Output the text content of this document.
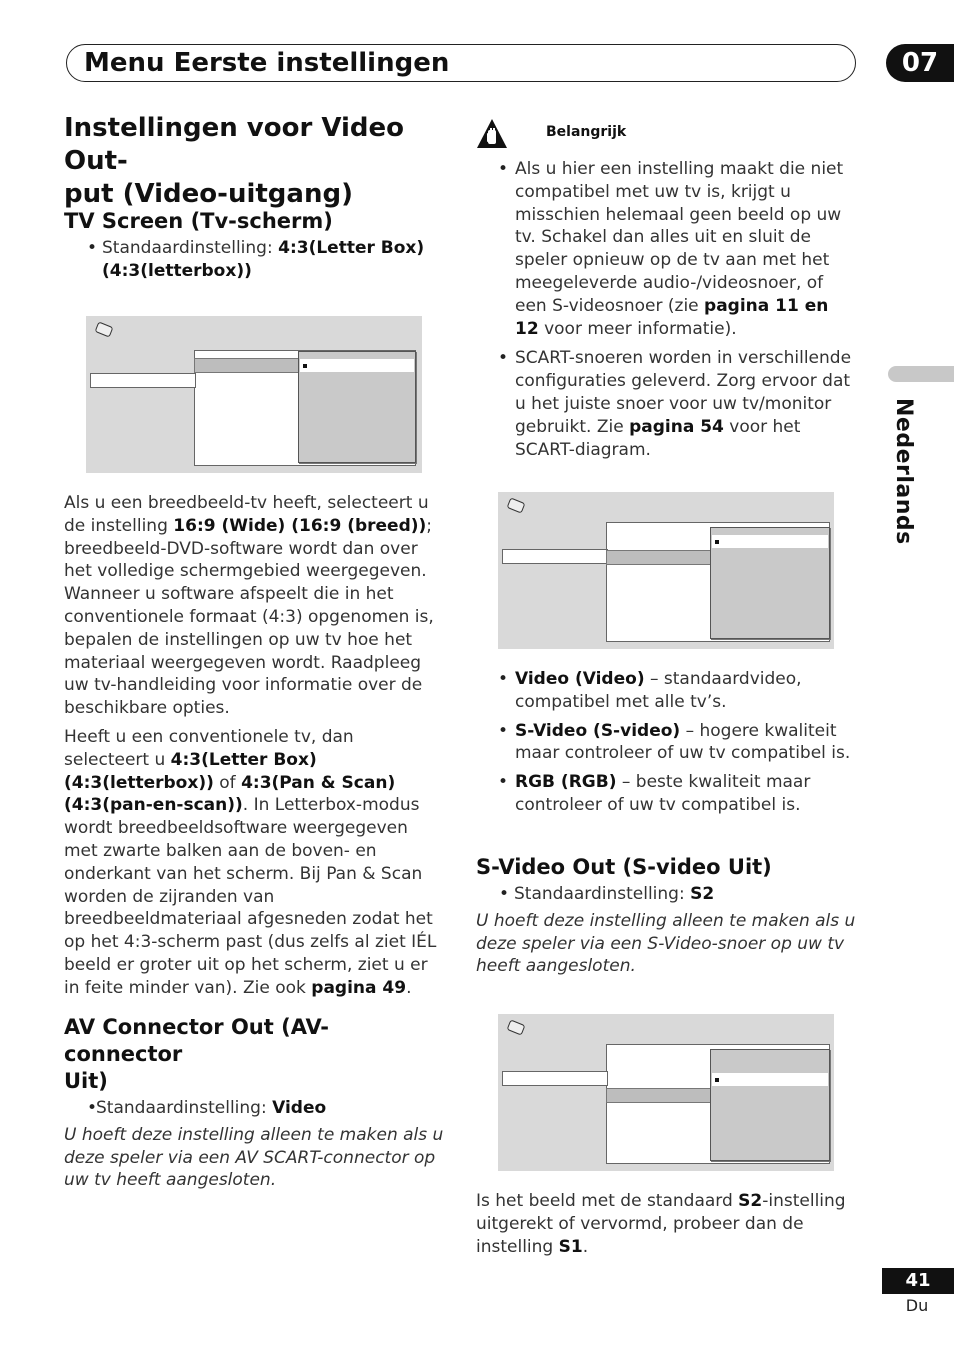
Menu Eerste instellingen	07
Nederlands
41
Du
Instellingen voor Video Out-
put (Video-uitgang)
TV Screen (Tv-scherm)
• Standaardinstelling: 4:3(Letter Box)
(4:3(letterbox))

Als u een breedbeeld-tv heeft, selecteert u de instelling 16:9 (Wide) (16:9 (breed)); breedbeeld-DVD-software wordt dan over het volledige schermgebied weergegeven. Wanneer u software afspeelt die in het conventionele formaat (4:3) opgenomen is, bepalen de instellingen op uw tv hoe het materiaal weergegeven wordt. Raadpleeg uw tv-handleiding voor informatie over de beschikbare opties.

Heeft u een conventionele tv, dan selecteert u 4:3(Letter Box) (4:3(letterbox)) of 4:3(Pan & Scan) (4:3(pan-en-scan)). In Letterbox-modus wordt breedbeeldsoftware weergegeven met zwarte balken aan de boven- en onderkant van het scherm. Bij Pan & Scan worden de zijranden van breedbeeldmateriaal afgesneden zodat het op het 4:3-scherm past (dus zelfs al ziet IÉL beeld er groter uit op het scherm, ziet u er in feite minder van). Zie ook pagina 49.

AV Connector Out (AV-connector
Uit)
• Standaardinstelling: Video

U hoeft deze instelling alleen te maken als u deze speler via een AV SCART-connector op uw tv heeft aangesloten.

Belangrijk
• Als u hier een instelling maakt die niet compatibel met uw tv is, krijgt u misschien helemaal geen beeld op uw tv. Schakel dan alles uit en sluit de speler opnieuw op de tv aan met het meegeleverde audio-/videosnoer, of een S-videosnoer (zie pagina 11 en 12 voor meer informatie).
• SCART-snoeren worden in verschillende configuraties geleverd. Zorg ervoor dat u het juiste snoer voor uw tv/monitor gebruikt. Zie pagina 54 voor het SCART-diagram.
• Video (Video) – standaardvideo, compatibel met alle tv’s.
• S-Video (S-video) – hogere kwaliteit maar controleer of uw tv compatibel is.
• RGB (RGB) – beste kwaliteit maar controleer of uw tv compatibel is.
S-Video Out (S-video Uit)
• Standaardinstelling: S2

U hoeft deze instelling alleen te maken als u deze speler via een S-Video-snoer op uw tv heeft aangesloten.

Is het beeld met de standaard S2-instelling uitgerekt of vervormd, probeer dan de instelling S1.
